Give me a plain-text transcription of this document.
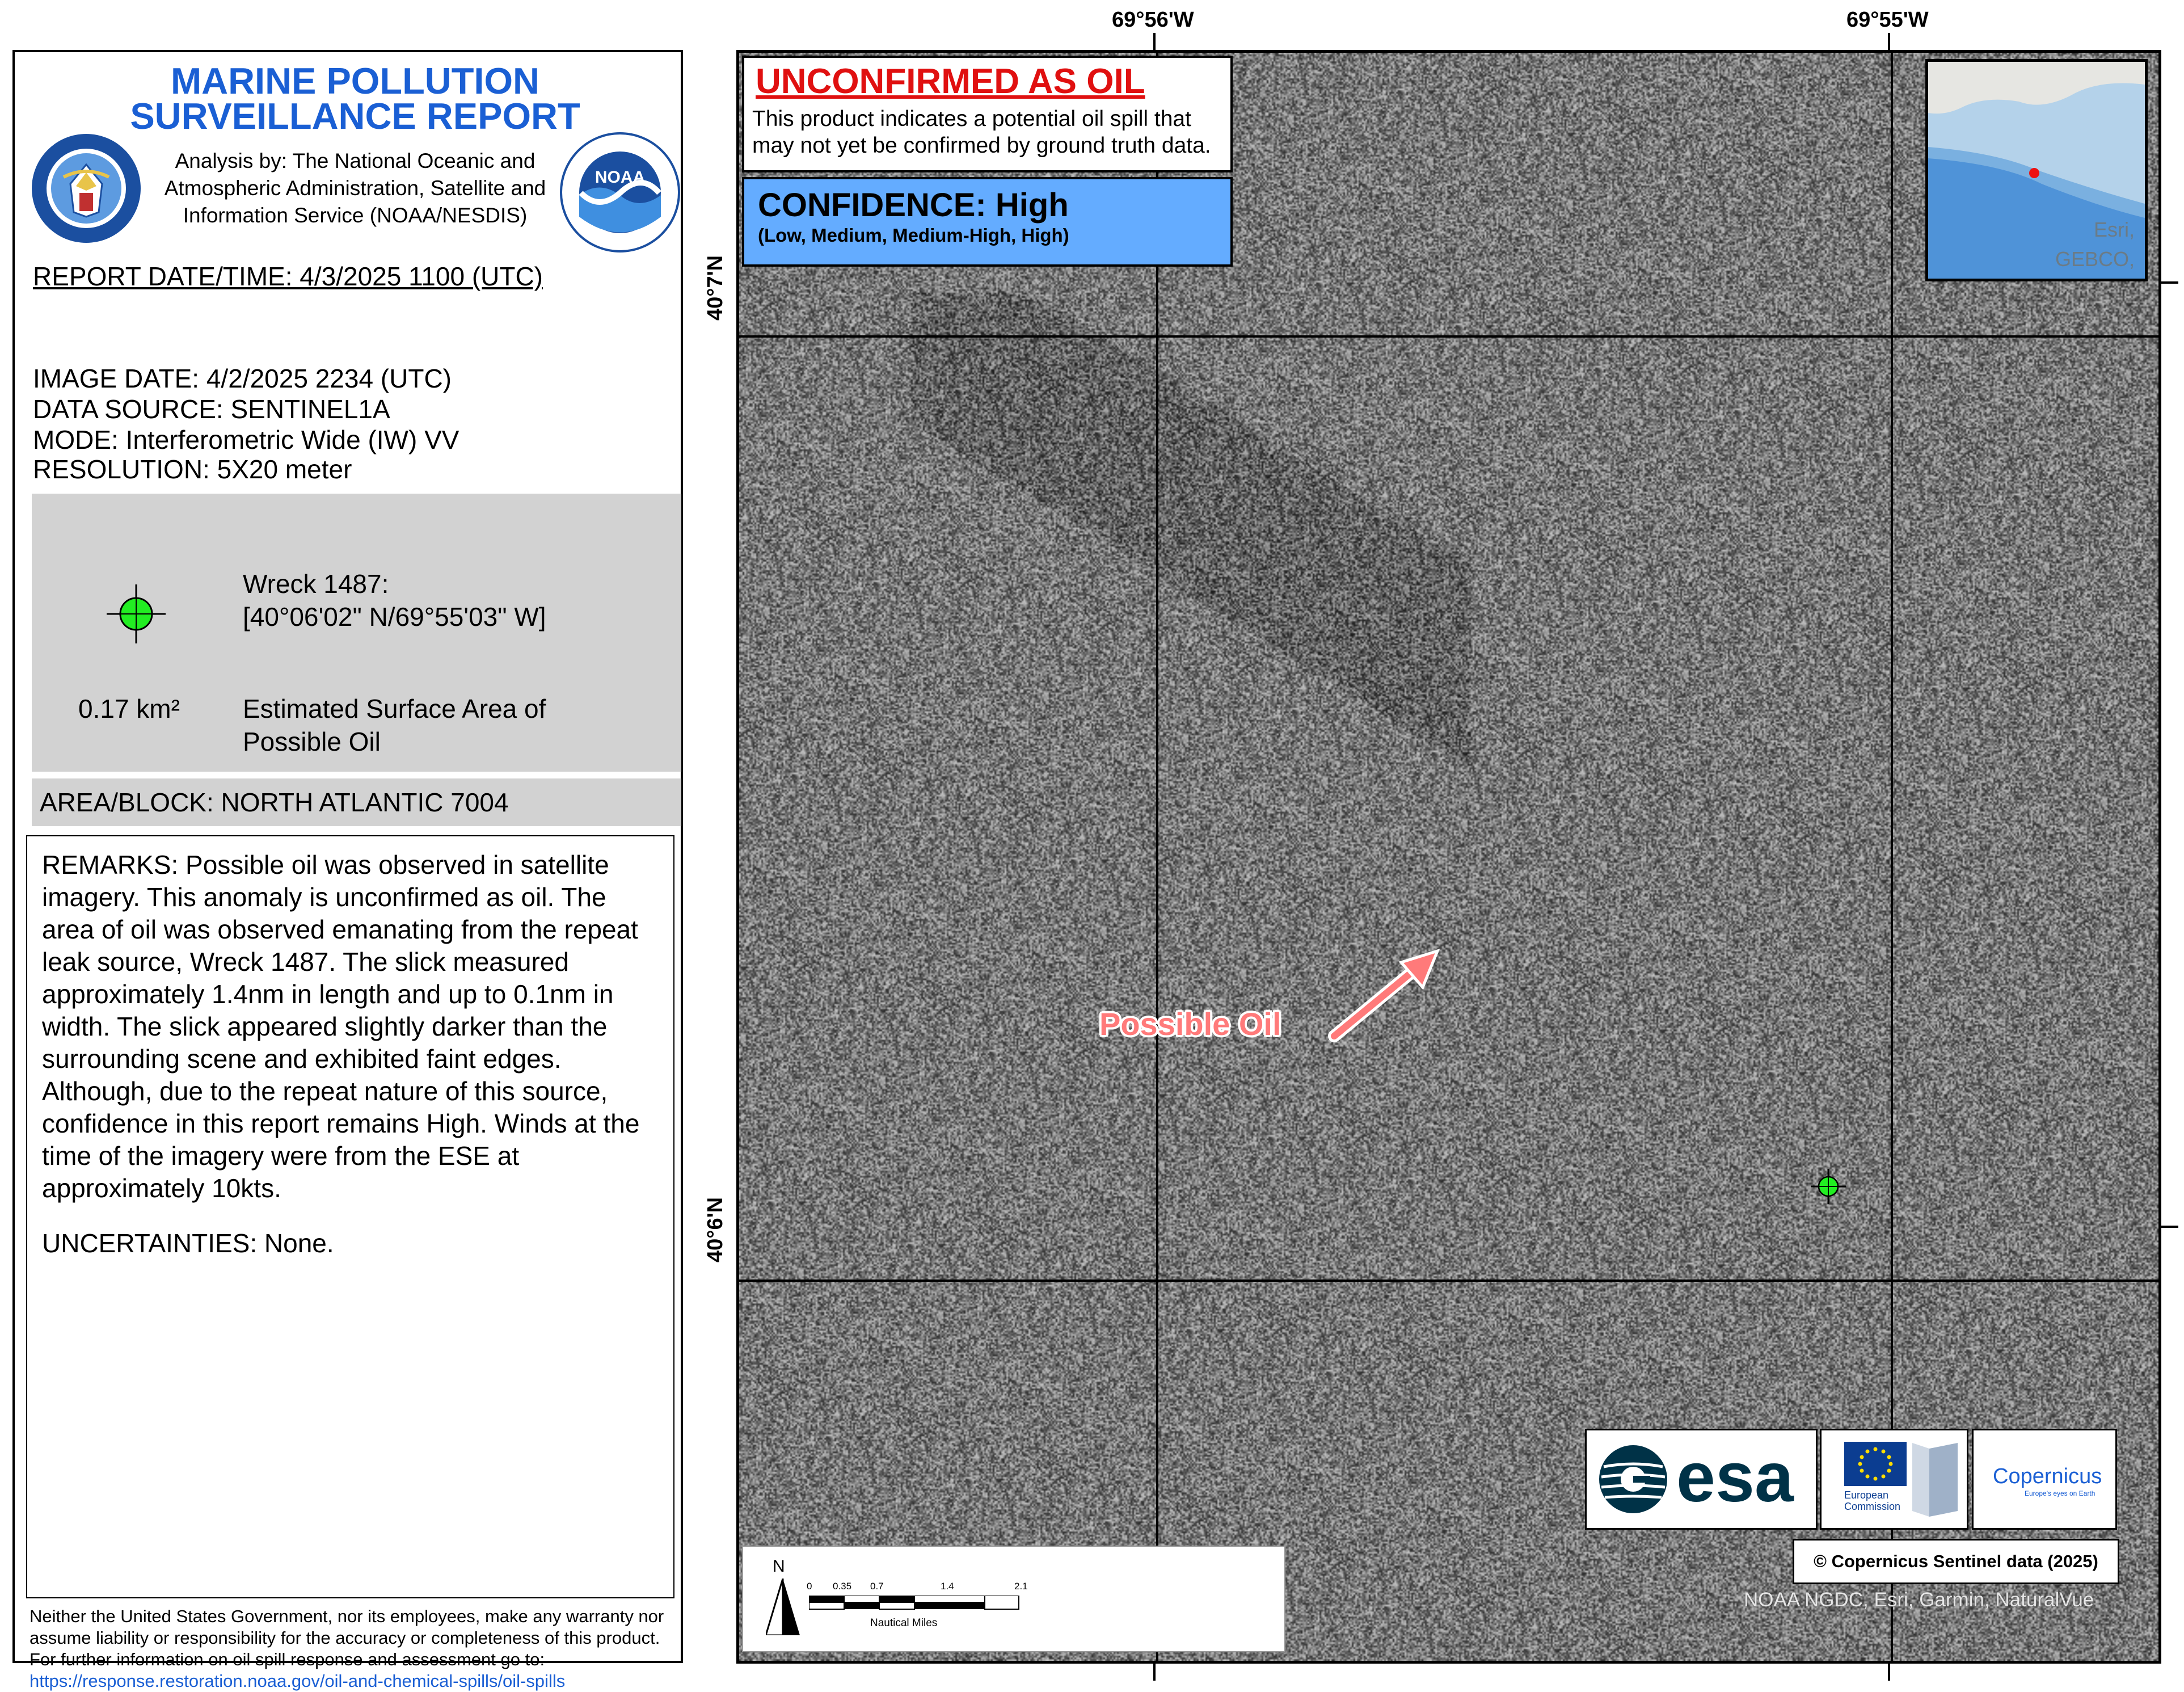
MARINE POLLUTION
SURVEILLANCE REPORT
NOAA
Analysis by: The National Oceanic and Atmospheric Administration, Satellite and Information Service (NOAA/NESDIS)
REPORT DATE/TIME: 4/3/2025 1100 (UTC)
IMAGE DATE: 4/2/2025 2234 (UTC)
DATA SOURCE: SENTINEL1A
MODE: Interferometric Wide (IW) VV
RESOLUTION: 5X20 meter
Wreck 1487:
[40°06'02" N/69°55'03" W]
0.17 km² Estimated Surface Area of Possible Oil
AREA/BLOCK: NORTH ATLANTIC 7004
REMARKS: Possible oil was observed in satellite imagery. This anomaly is unconfirmed as oil. The area of oil was observed emanating from the repeat leak source, Wreck 1487. The slick measured approximately 1.4nm in length and up to 0.1nm in width. The slick appeared slightly darker than the surrounding scene and exhibited faint edges. Although, due to the repeat nature of this source, confidence in this report remains High. Winds at the time of the imagery were from the ESE at approximately 10kts.
UNCERTAINTIES: None.
Neither the United States Government, nor its employees, make any warranty nor assume liability or responsibility for the accuracy or completeness of this product.
For further information on oil spill response and assessment go to: https://response.restoration.noaa.gov/oil-and-chemical-spills/oil-spills
69°56'W	69°55'W
40°7'N
40°6'N
UNCONFIRMED AS OIL
This product indicates a potential oil spill that may not yet be confirmed by ground truth data.
CONFIDENCE: High
(Low, Medium, Medium-High, High)	Esri,
GEBCO,
Possible Oil
esa	European
Commission
Copernicus
Europe's eyes on Earth
© Copernicus Sentinel data (2025)
NOAA NGDC, Esri, Garmin, NaturalVue
N
0 0.35 0.7	1.4	2.1
Nautical Miles
